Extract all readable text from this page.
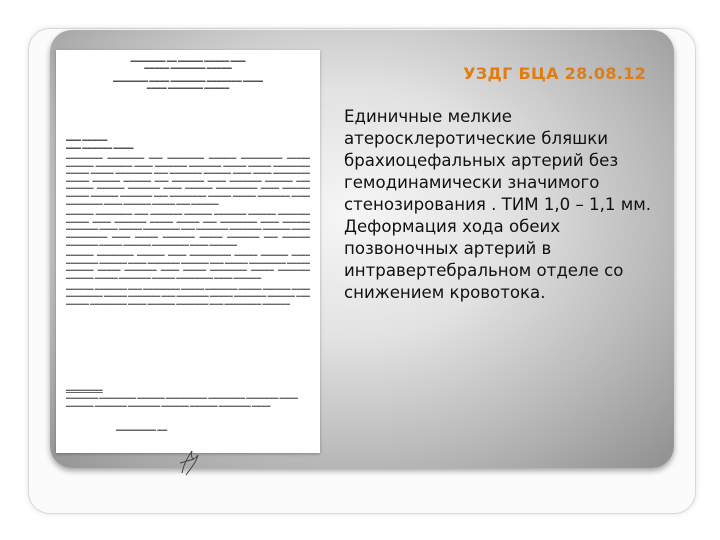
▬▬▬▬▬▬▬ ▬▬ ▬▬▬▬▬ ▬▬▬▬▬ ▬▬▬
▬▬▬▬▬ ▬▬▬▬▬▬▬ ▬▬▬▬▬
▬▬▬▬▬▬▬ ▬▬▬▬ ▬▬▬▬▬▬▬ ▬▬▬▬▬▬▬ ▬▬▬▬
▬▬▬▬ ▬▬▬▬▬▬▬ ▬▬▬▬▬
▬▬▬ ▬▬▬▬▬
▬▬▬ ▬▬▬▬▬▬ ▬▬▬▬

▬▬▬▬▬▬▬▬ ▬▬▬▬▬▬▬▬ ▬▬▬ ▬▬▬▬▬▬▬▬ ▬▬▬▬▬▬ ▬▬▬▬▬▬▬▬▬ ▬▬▬▬▬ ▬▬▬▬▬▬ ▬▬▬▬▬▬▬▬ ▬▬▬▬ ▬▬▬▬▬▬▬ ▬▬▬▬▬▬▬ ▬▬▬▬▬ ▬▬▬▬▬ ▬▬▬▬▬▬▬▬ ▬▬▬▬▬ ▬▬▬▬▬ ▬▬▬▬▬▬▬▬ ▬▬▬ ▬▬▬▬▬▬▬ ▬▬▬▬▬▬ ▬▬▬▬ ▬▬▬▬ ▬▬▬▬▬▬▬▬ ▬▬▬▬▬ ▬▬▬▬▬▬ ▬▬▬▬▬▬ ▬▬▬ ▬▬▬▬▬▬▬ ▬▬▬▬ ▬▬▬▬▬▬▬ ▬▬▬▬▬▬ ▬▬▬ ▬▬▬▬▬▬ ▬▬▬▬▬▬ ▬▬▬▬▬▬▬ ▬▬▬▬ ▬▬▬▬▬▬ ▬▬▬▬▬▬▬▬▬ ▬▬▬▬ ▬▬▬▬▬▬ ▬▬▬▬▬ ▬▬▬▬▬▬ ▬▬▬▬▬▬▬ ▬▬▬ ▬▬▬▬▬▬▬▬ ▬▬▬▬▬ ▬▬▬▬▬ ▬▬▬▬▬▬▬ ▬▬▬▬ ▬▬▬▬▬▬▬▬ ▬▬▬▬ ▬▬▬▬▬▬ ▬▬▬▬▬ ▬▬▬ ▬▬▬▬▬▬

▬▬▬▬▬▬ ▬▬▬▬▬▬▬▬ ▬▬▬ ▬▬▬▬▬▬▬ ▬▬▬▬▬▬ ▬▬▬▬▬▬▬ ▬▬▬▬▬▬ ▬▬▬▬▬▬▬ ▬▬▬▬▬ ▬▬▬▬ ▬▬▬▬▬▬▬ ▬▬▬▬▬ ▬▬▬▬▬ ▬▬▬ ▬▬▬▬▬▬▬▬ ▬▬▬▬ ▬▬▬▬▬▬ ▬▬▬▬▬▬▬ ▬▬▬▬ ▬▬▬▬▬ ▬▬▬▬▬▬▬▬ ▬▬▬ ▬▬▬▬▬▬▬ ▬▬▬▬▬▬▬ ▬▬▬▬▬▬ ▬▬▬▬ ▬▬▬▬▬▬▬▬▬ ▬▬▬▬ ▬▬▬▬▬ ▬▬▬▬▬▬▬ ▬▬▬▬▬ ▬▬▬▬▬▬▬ ▬▬▬ ▬▬▬▬▬▬ ▬▬▬▬▬▬▬ ▬▬▬▬▬ ▬▬▬▬▬▬ ▬▬▬▬▬▬▬▬ ▬▬▬▬ ▬▬▬▬▬▬

▬▬▬▬▬▬ ▬▬▬▬▬▬▬▬ ▬▬▬▬▬▬ ▬▬▬▬ ▬▬▬▬▬▬▬▬▬ ▬▬▬▬▬ ▬▬▬▬▬▬ ▬▬▬▬ ▬▬▬▬▬▬▬ ▬▬▬▬▬▬ ▬▬▬▬ ▬▬▬▬▬▬▬ ▬▬▬▬▬▬ ▬▬▬ ▬▬▬▬▬ ▬▬▬▬▬▬▬▬ ▬▬▬▬▬ ▬▬▬▬▬▬ ▬▬▬▬▬ ▬▬▬▬▬▬▬ ▬▬▬▬ ▬▬▬▬▬ ▬▬▬▬▬▬▬▬ ▬▬▬▬▬ ▬▬▬▬▬▬▬ ▬▬▬▬▬▬ ▬▬▬▬▬ ▬▬▬▬▬▬▬ ▬▬▬▬▬ ▬▬▬▬▬▬▬▬ ▬▬▬▬ ▬▬▬▬▬▬

▬▬▬▬▬▬ ▬▬▬▬▬▬▬ ▬▬▬ ▬▬▬▬▬▬▬▬ ▬▬▬▬▬ ▬▬▬▬▬▬▬ ▬▬▬▬▬ ▬▬▬▬▬▬ ▬▬▬▬ ▬▬▬▬▬▬▬▬ ▬▬▬▬▬ ▬▬▬▬▬▬▬ ▬▬▬ ▬▬▬▬▬▬▬ ▬▬▬▬▬ ▬▬▬▬▬▬▬ ▬▬▬▬▬▬ ▬▬▬ ▬▬▬▬▬ ▬▬▬▬▬▬▬▬ ▬▬▬▬ ▬▬▬▬▬▬ ▬▬▬▬▬▬▬ ▬▬▬ ▬▬▬▬▬▬▬▬ ▬▬▬▬▬▬

▬▬▬▬▬▬▬▬
▬▬▬▬▬▬▬ ▬▬▬▬▬▬▬▬ ▬▬▬▬▬▬ ▬▬▬▬▬▬▬▬▬ ▬▬▬▬▬▬▬▬ ▬▬▬▬▬▬▬ ▬▬▬▬
▬▬▬▬▬▬ ▬▬▬▬▬▬▬ ▬▬▬▬▬▬▬ ▬▬▬▬▬▬ ▬▬▬▬▬▬ ▬▬▬▬▬▬▬ ▬▬▬▬
▬▬▬▬▬▬▬▬ ▬▬
УЗДГ БЦА 28.08.12

Единичные мелкие атеросклеротические бляшки брахиоцефальных артерий без гемодинамически значимого стенозирования . ТИМ 1,0 – 1,1 мм.

Деформация хода обеих позвоночных артерий в интравертебральном отделе со снижением кровотока.
